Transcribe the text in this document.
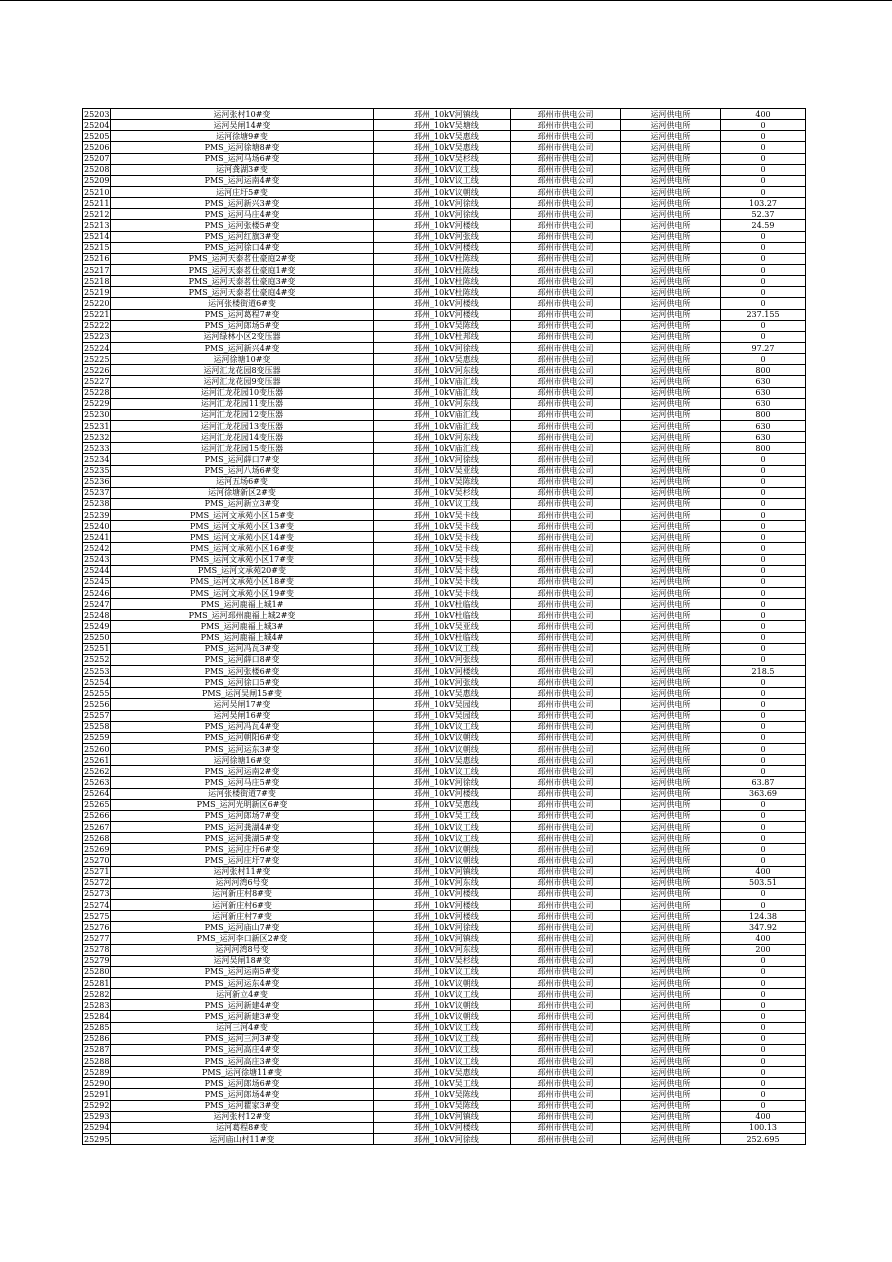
25203	运河张村10#变	邳州_10kV河镇线	邳州市供电公司	运河供电所	400
25204	运河吴闸14#变	邳州_10kV吴塘线	邳州市供电公司	运河供电所	0
25205	运河徐塘9#变	邳州_10kV吴惠线	邳州市供电公司	运河供电所	0
25206	PMS_运河徐塘8#变	邳州_10kV吴惠线	邳州市供电公司	运河供电所	0
25207	PMS_运河马场6#变	邳州_10kV吴杉线	邳州市供电公司	运河供电所	0
25208	运河龚湖3#变	邳州_10kV议工线	邳州市供电公司	运河供电所	0
25209	PMS_运河运南4#变	邳州_10kV议工线	邳州市供电公司	运河供电所	0
25210	运河庄圩5#变	邳州_10kV议朝线	邳州市供电公司	运河供电所	0
25211	PMS_运河新兴3#变	邳州_10kV河徐线	邳州市供电公司	运河供电所	103.27
25212	PMS_运河马庄4#变	邳州_10kV河徐线	邳州市供电公司	运河供电所	52.37
25213	PMS_运河张楼5#变	邳州_10kV河楼线	邳州市供电公司	运河供电所	24.59
25214	PMS_运河红旗3#变	邳州_10kV河张线	邳州市供电公司	运河供电所	0
25215	PMS_运河徐口4#变	邳州_10kV河楼线	邳州市供电公司	运河供电所	0
25216	PMS_运河天泰茗仕豪庭2#变	邳州_10kV杜陈线	邳州市供电公司	运河供电所	0
25217	PMS_运河天泰茗仕豪庭1#变	邳州_10kV杜陈线	邳州市供电公司	运河供电所	0
25218	PMS_运河天泰茗仕豪庭3#变	邳州_10kV杜陈线	邳州市供电公司	运河供电所	0
25219	PMS_运河天泰茗仕豪庭4#变	邳州_10kV杜陈线	邳州市供电公司	运河供电所	0
25220	运河张楼街道6#变	邳州_10kV河楼线	邳州市供电公司	运河供电所	0
25221	PMS_运河葛程7#变	邳州_10kV河楼线	邳州市供电公司	运河供电所	237.155
25222	PMS_运河郎场5#变	邳州_10kV吴陈线	邳州市供电公司	运河供电所	0
25223	运河绿林小区2变压器	邳州_10kV杜邦线	邳州市供电公司	运河供电所	0
25224	PMS_运河新兴4#变	邳州_10kV河徐线	邳州市供电公司	运河供电所	97.27
25225	运河徐塘10#变	邳州_10kV吴惠线	邳州市供电公司	运河供电所	0
25226	运河汇龙花园8变压器	邳州_10kV河东线	邳州市供电公司	运河供电所	800
25227	运河汇龙花园9变压器	邳州_10kV庙汇线	邳州市供电公司	运河供电所	630
25228	运河汇龙花园10变压器	邳州_10kV庙汇线	邳州市供电公司	运河供电所	630
25229	运河汇龙花园11变压器	邳州_10kV河东线	邳州市供电公司	运河供电所	630
25230	运河汇龙花园12变压器	邳州_10kV庙汇线	邳州市供电公司	运河供电所	800
25231	运河汇龙花园13变压器	邳州_10kV庙汇线	邳州市供电公司	运河供电所	630
25232	运河汇龙花园14变压器	邳州_10kV河东线	邳州市供电公司	运河供电所	630
25233	运河汇龙花园15变压器	邳州_10kV庙汇线	邳州市供电公司	运河供电所	800
25234	PMS_运河薛口7#变	邳州_10kV河徐线	邳州市供电公司	运河供电所	0
25235	PMS_运河八场6#变	邳州_10kV吴亚线	邳州市供电公司	运河供电所	0
25236	运河五场6#变	邳州_10kV吴陈线	邳州市供电公司	运河供电所	0
25237	运河徐塘新区2#变	邳州_10kV吴杉线	邳州市供电公司	运河供电所	0
25238	PMS_运河新立3#变	邳州_10kV议工线	邳州市供电公司	运河供电所	0
25239	PMS_运河文承苑小区15#变	邳州_10kV吴卡线	邳州市供电公司	运河供电所	0
25240	PMS_运河文承苑小区13#变	邳州_10kV吴卡线	邳州市供电公司	运河供电所	0
25241	PMS_运河文承苑小区14#变	邳州_10kV吴卡线	邳州市供电公司	运河供电所	0
25242	PMS_运河文承苑小区16#变	邳州_10kV吴卡线	邳州市供电公司	运河供电所	0
25243	PMS_运河文承苑小区17#变	邳州_10kV吴卡线	邳州市供电公司	运河供电所	0
25244	PMS_运河文承苑20#变	邳州_10kV吴卡线	邳州市供电公司	运河供电所	0
25245	PMS_运河文承苑小区18#变	邳州_10kV吴卡线	邳州市供电公司	运河供电所	0
25246	PMS_运河文承苑小区19#变	邳州_10kV吴卡线	邳州市供电公司	运河供电所	0
25247	PMS_运河鹿福上城1#	邳州_10kV杜临线	邳州市供电公司	运河供电所	0
25248	PMS_运河邳州鹿福上城2#变	邳州_10kV杜临线	邳州市供电公司	运河供电所	0
25249	PMS_运河鹿福上城3#	邳州_10kV吴亚线	邳州市供电公司	运河供电所	0
25250	PMS_运河鹿福上城4#	邳州_10kV杜临线	邳州市供电公司	运河供电所	0
25251	PMS_运河冯瓦3#变	邳州_10kV议工线	邳州市供电公司	运河供电所	0
25252	PMS_运河薛口8#变	邳州_10kV河张线	邳州市供电公司	运河供电所	0
25253	PMS_运河张楼6#变	邳州_10kV河楼线	邳州市供电公司	运河供电所	218.5
25254	PMS_运河徐口5#变	邳州_10kV河张线	邳州市供电公司	运河供电所	0
25255	PMS_运河吴闸15#变	邳州_10kV吴惠线	邳州市供电公司	运河供电所	0
25256	运河吴闸17#变	邳州_10kV吴园线	邳州市供电公司	运河供电所	0
25257	运河吴闸16#变	邳州_10kV吴园线	邳州市供电公司	运河供电所	0
25258	PMS_运河冯瓦4#变	邳州_10kV议工线	邳州市供电公司	运河供电所	0
25259	PMS_运河朝阳6#变	邳州_10kV议朝线	邳州市供电公司	运河供电所	0
25260	PMS_运河运东3#变	邳州_10kV议朝线	邳州市供电公司	运河供电所	0
25261	运河徐塘16#变	邳州_10kV吴惠线	邳州市供电公司	运河供电所	0
25262	PMS_运河运南2#变	邳州_10kV议工线	邳州市供电公司	运河供电所	0
25263	PMS_运河马庄5#变	邳州_10kV河徐线	邳州市供电公司	运河供电所	63.87
25264	运河张楼街道7#变	邳州_10kV河楼线	邳州市供电公司	运河供电所	363.69
25265	PMS_运河光明新区6#变	邳州_10kV吴惠线	邳州市供电公司	运河供电所	0
25266	PMS_运河郎场7#变	邳州_10kV吴工线	邳州市供电公司	运河供电所	0
25267	PMS_运河龚湖4#变	邳州_10kV议工线	邳州市供电公司	运河供电所	0
25268	PMS_运河龚湖5#变	邳州_10kV议工线	邳州市供电公司	运河供电所	0
25269	PMS_运河庄圩6#变	邳州_10kV议朝线	邳州市供电公司	运河供电所	0
25270	PMS_运河庄圩7#变	邳州_10kV议朝线	邳州市供电公司	运河供电所	0
25271	运河张村11#变	邳州_10kV河镇线	邳州市供电公司	运河供电所	400
25272	运河河湾6号变	邳州_10kV河东线	邳州市供电公司	运河供电所	503.51
25273	运河新庄村8#变	邳州_10kV河楼线	邳州市供电公司	运河供电所	0
25274	运河新庄村6#变	邳州_10kV河楼线	邳州市供电公司	运河供电所	0
25275	运河新庄村7#变	邳州_10kV河楼线	邳州市供电公司	运河供电所	124.38
25276	PMS_运河庙山7#变	邳州_10kV河徐线	邳州市供电公司	运河供电所	347.92
25277	PMS_运河李口新区2#变	邳州_10kV河镇线	邳州市供电公司	运河供电所	400
25278	运河河湾8号变	邳州_10kV河东线	邳州市供电公司	运河供电所	200
25279	运河吴闸18#变	邳州_10kV吴杉线	邳州市供电公司	运河供电所	0
25280	PMS_运河运南5#变	邳州_10kV议工线	邳州市供电公司	运河供电所	0
25281	PMS_运河运东4#变	邳州_10kV议朝线	邳州市供电公司	运河供电所	0
25282	运河新立4#变	邳州_10kV议工线	邳州市供电公司	运河供电所	0
25283	PMS_运河新建4#变	邳州_10kV议朝线	邳州市供电公司	运河供电所	0
25284	PMS_运河新建3#变	邳州_10kV议朝线	邳州市供电公司	运河供电所	0
25285	运河三河4#变	邳州_10kV议工线	邳州市供电公司	运河供电所	0
25286	PMS_运河三河3#变	邳州_10kV议工线	邳州市供电公司	运河供电所	0
25287	PMS_运河高庄4#变	邳州_10kV议工线	邳州市供电公司	运河供电所	0
25288	PMS_运河高庄3#变	邳州_10kV议工线	邳州市供电公司	运河供电所	0
25289	PMS_运河徐塘11#变	邳州_10kV吴惠线	邳州市供电公司	运河供电所	0
25290	PMS_运河郎场6#变	邳州_10kV吴工线	邳州市供电公司	运河供电所	0
25291	PMS_运河郎场4#变	邳州_10kV吴陈线	邳州市供电公司	运河供电所	0
25292	PMS_运河瞿家3#变	邳州_10kV吴陈线	邳州市供电公司	运河供电所	0
25293	运河张村12#变	邳州_10kV河镇线	邳州市供电公司	运河供电所	400
25294	运河葛程8#变	邳州_10kV河楼线	邳州市供电公司	运河供电所	100.13
25295	运河庙山村11#变	邳州_10kV河徐线	邳州市供电公司	运河供电所	252.695
